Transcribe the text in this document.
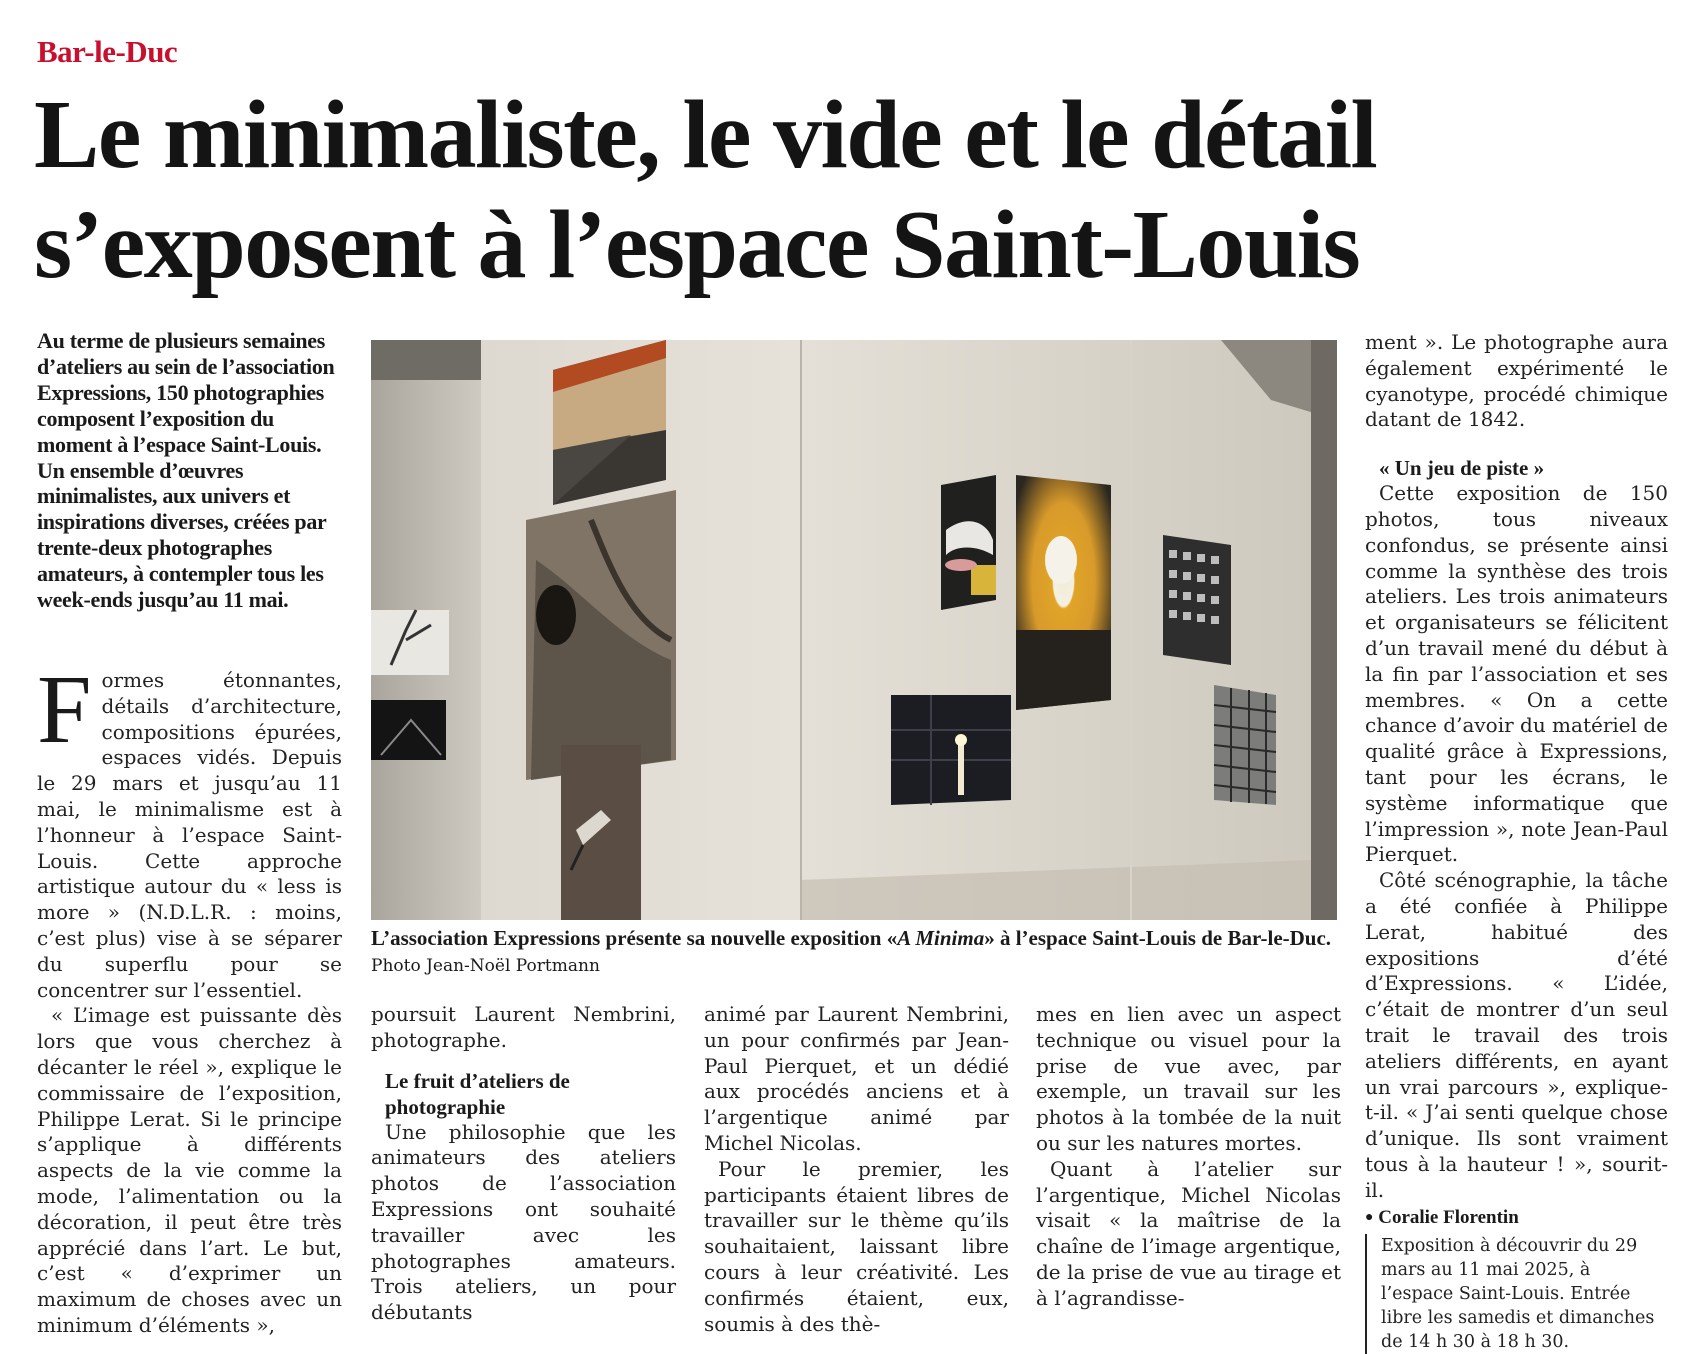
Bar-le-Duc
Le minimaliste, le vide et le détail
s’exposent à l’espace Saint-Louis
Au terme de plusieurs semaines d’ateliers au sein de l’association Expressions, 150 photographies composent l’exposition du moment à l’espace Saint-Louis. Un ensemble d’œuvres minimalistes, aux univers et inspirations diverses, créées par trente-deux photographes amateurs, à contempler tous les week-ends jusqu’au 11 mai.

Formes étonnantes, détails d’architecture, compositions épurées, espaces vidés. Depuis le 29 mars et jusqu’au 11 mai, le minimalisme est à l’honneur à l’espace Saint-Louis. Cette approche artistique autour du « less is more » (N.D.L.R. : moins, c’est plus) vise à se séparer du superflu pour se concentrer sur l’essentiel.

« L’image est puissante dès lors que vous cherchez à décanter le réel », explique le commissaire de l’exposition, Philippe Lerat. Si le principe s’applique à différents aspects de la vie comme la mode, l’alimentation ou la décoration, il peut être très apprécié dans l’art. Le but, c’est « d’exprimer un maximum de choses avec un minimum d’éléments »,

L’association Expressions présente sa nouvelle exposition «A Minima» à l’espace Saint-Louis de Bar-le-Duc. Photo Jean-Noël Portmann

poursuit Laurent Nembrini, photographe.

Le fruit d’ateliers de photographie

Une philosophie que les animateurs des ateliers photos de l’association Expressions ont souhaité travailler avec les photographes amateurs. Trois ateliers, un pour débutants

animé par Laurent Nembrini, un pour confirmés par Jean-Paul Pierquet, et un dédié aux procédés anciens et à l’argentique animé par Michel Nicolas.

Pour le premier, les participants étaient libres de travailler sur le thème qu’ils souhaitaient, laissant libre cours à leur créativité. Les confirmés étaient, eux, soumis à des thè-

mes en lien avec un aspect technique ou visuel pour la prise de vue avec, par exemple, un travail sur les photos à la tombée de la nuit ou sur les natures mortes.

Quant à l’atelier sur l’argentique, Michel Nicolas visait « la maîtrise de la chaîne de l’image argentique, de la prise de vue au tirage et à l’agrandisse-

ment ». Le photographe aura également expérimenté le cyanotype, procédé chimique datant de 1842.

« Un jeu de piste »

Cette exposition de 150 photos, tous niveaux confondus, se présente ainsi comme la synthèse des trois ateliers. Les trois animateurs et organisateurs se félicitent d’un travail mené du début à la fin par l’association et ses membres. « On a cette chance d’avoir du matériel de qualité grâce à Expressions, tant pour les écrans, le système informatique que l’impression », note Jean-Paul Pierquet.

Côté scénographie, la tâche a été confiée à Philippe Lerat, habitué des expositions d’été d’Expressions. « L’idée, c’était de montrer d’un seul trait le travail des trois ateliers différents, en ayant un vrai parcours », explique-t-il. « J’ai senti quelque chose d’unique. Ils sont vraiment tous à la hauteur ! », sourit-il.

● Coralie Florentin
Exposition à découvrir du 29 mars au 11 mai 2025, à l’espace Saint-Louis. Entrée libre les samedis et dimanches de 14 h 30 à 18 h 30.
